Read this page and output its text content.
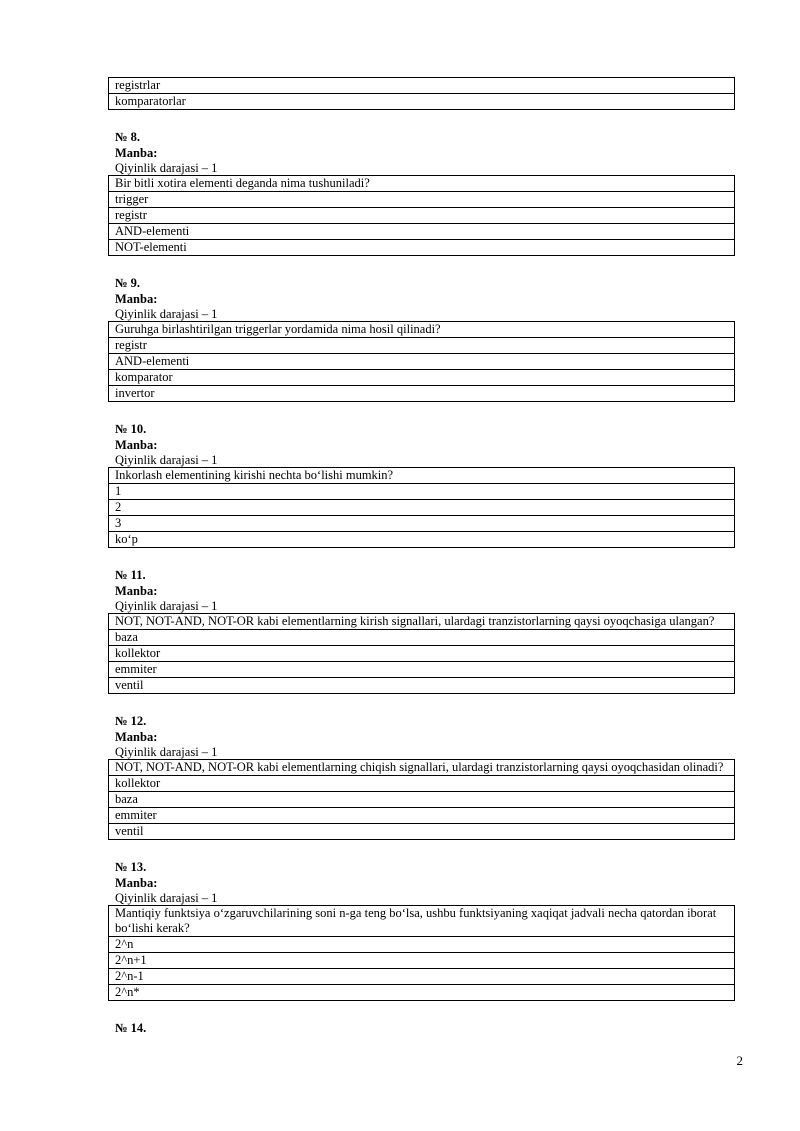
registrlar
komparatorlar
№ 8.
Manba:
Qiyinlik darajasi – 1
Bir bitli xotira elementi deganda nima tushuniladi?
trigger
registr
AND-elementi
NOT-elementi
№ 9.
Manba:
Qiyinlik darajasi – 1
Guruhga birlashtirilgan triggerlar yordamida nima hosil qilinadi?
registr
AND-elementi
komparator
invertor
№ 10.
Manba:
Qiyinlik darajasi – 1
Inkorlash elementining kirishi nechta bo‘lishi mumkin?
1
2
3
ko‘p
№ 11.
Manba:
Qiyinlik darajasi – 1
NOT, NOT-AND, NOT-OR kabi elementlarning kirish signallari, ulardagi tranzistorlarning qaysi oyoqchasiga ulangan?
baza
kollektor
emmiter
ventil
№ 12.
Manba:
Qiyinlik darajasi – 1
NOT, NOT-AND, NOT-OR kabi elementlarning chiqish signallari, ulardagi tranzistorlarning qaysi oyoqchasidan olinadi?
kollektor
baza
emmiter
ventil
№ 13.
Manba:
Qiyinlik darajasi – 1
Mantiqiy funktsiya o‘zgaruvchilarining soni n-ga teng bo‘lsa, ushbu funktsiyaning xaqiqat jadvali necha qatordan iborat bo‘lishi kerak?
2^n
2^n+1
2^n-1
2^n*
№ 14.
2
